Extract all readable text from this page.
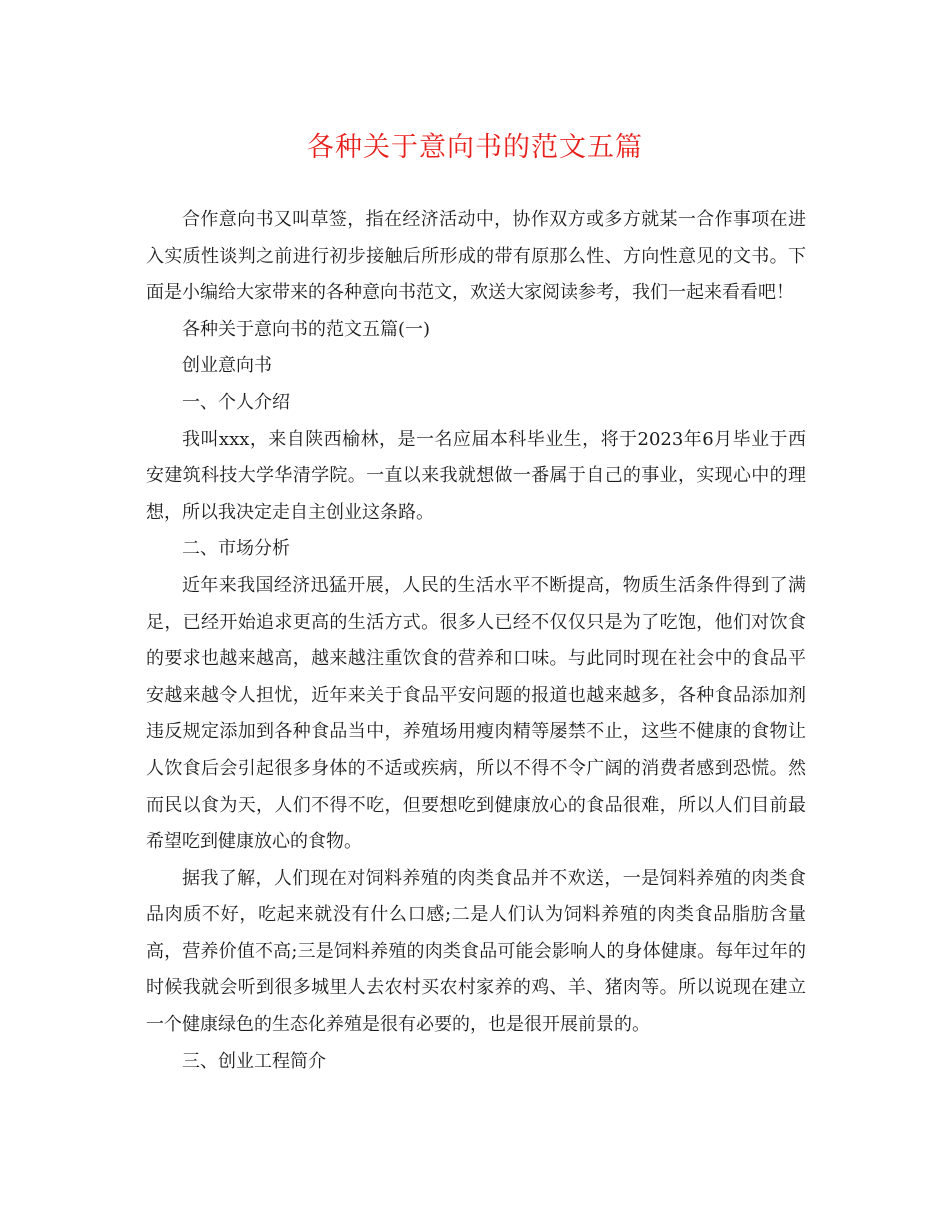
各种关于意向书的范文五篇

合作意向书又叫草签，指在经济活动中，协作双方或多方就某一合作事项在进入实质性谈判之前进行初步接触后所形成的带有原那么性、方向性意见的文书。下面是小编给大家带来的各种意向书范文，欢送大家阅读参考，我们一起来看看吧！

各种关于意向书的范文五篇(一)

创业意向书

一、个人介绍

我叫xxx，来自陕西榆林，是一名应届本科毕业生，将于2023年6月毕业于西安建筑科技大学华清学院。一直以来我就想做一番属于自己的事业，实现心中的理想，所以我决定走自主创业这条路。

二、市场分析

近年来我国经济迅猛开展，人民的生活水平不断提高，物质生活条件得到了满足，已经开始追求更高的生活方式。很多人已经不仅仅只是为了吃饱，他们对饮食的要求也越来越高，越来越注重饮食的营养和口味。与此同时现在社会中的食品平安越来越令人担忧，近年来关于食品平安问题的报道也越来越多，各种食品添加剂违反规定添加到各种食品当中，养殖场用瘦肉精等屡禁不止，这些不健康的食物让人饮食后会引起很多身体的不适或疾病，所以不得不令广阔的消费者感到恐慌。然而民以食为天，人们不得不吃，但要想吃到健康放心的食品很难，所以人们目前最希望吃到健康放心的食物。

据我了解，人们现在对饲料养殖的肉类食品并不欢送，一是饲料养殖的肉类食品肉质不好，吃起来就没有什么口感;二是人们认为饲料养殖的肉类食品脂肪含量高，营养价值不高;三是饲料养殖的肉类食品可能会影响人的身体健康。每年过年的时候我就会听到很多城里人去农村买农村家养的鸡、羊、猪肉等。所以说现在建立一个健康绿色的生态化养殖是很有必要的，也是很开展前景的。

三、创业工程简介
